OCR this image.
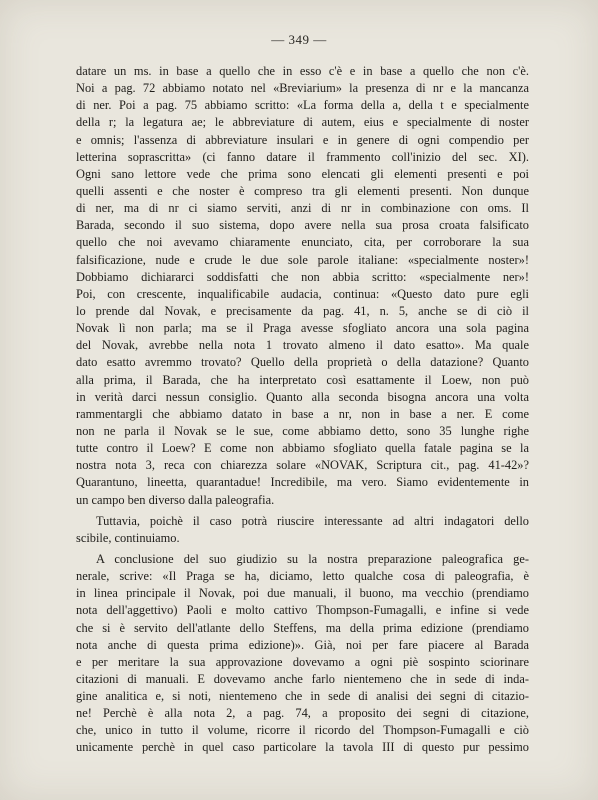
— 349 —
datare un ms. in base a quello che in esso c'è e in base a quello che non c'è.
Noi a pag. 72 abbiamo notato nel «Breviarium» la presenza di nr e la mancanza
di ner. Poi a pag. 75 abbiamo scritto: «La forma della a, della t e specialmente
della r; la legatura ae; le abbreviature di autem, eius e specialmente di noster
e omnis; l'assenza di abbreviature insulari e in genere di ogni compendio per
letterina soprascritta» (ci fanno datare il frammento coll'inizio del sec. XI).
Ogni sano lettore vede che prima sono elencati gli elementi presenti e poi
quelli assenti e che noster è compreso tra gli elementi presenti. Non dunque
di ner, ma di nr ci siamo serviti, anzi di nr in combinazione con oms. Il
Barada, secondo il suo sistema, dopo avere nella sua prosa croata falsificato
quello che noi avevamo chiaramente enunciato, cita, per corroborare la sua
falsificazione, nude e crude le due sole parole italiane: «specialmente noster»!
Dobbiamo dichiararci soddisfatti che non abbia scritto: «specialmente ner»!
Poi, con crescente, inqualificabile audacia, continua: «Questo dato pure egli
lo prende dal Novak, e precisamente da pag. 41, n. 5, anche se di ciò il
Novak lì non parla; ma se il Praga avesse sfogliato ancora una sola pagina
del Novak, avrebbe nella nota 1 trovato almeno il dato esatto». Ma quale
dato esatto avremmo trovato? Quello della proprietà o della datazione? Quanto
alla prima, il Barada, che ha interpretato così esattamente il Loew, non può
in verità darci nessun consiglio. Quanto alla seconda bisogna ancora una volta
rammentargli che abbiamo datato in base a nr, non in base a ner. E come
non ne parla il Novak se le sue, come abbiamo detto, sono 35 lunghe righe
tutte contro il Loew? E come non abbiamo sfogliato quella fatale pagina se la
nostra nota 3, reca con chiarezza solare «NOVAK, Scriptura cit., pag. 41-42»?
Quarantuno, lineetta, quarantadue! Incredibile, ma vero. Siamo evidentemente in
un campo ben diverso dalla paleografia.
Tuttavia, poichè il caso potrà riuscire interessante ad altri indagatori dello
scibile, continuiamo.
A conclusione del suo giudizio su la nostra preparazione paleografica ge-
nerale, scrive: «Il Praga se ha, diciamo, letto qualche cosa di paleografia, è
in linea principale il Novak, poi due manuali, il buono, ma vecchio (prendiamo
nota dell'aggettivo) Paoli e molto cattivo Thompson-Fumagalli, e infine si vede
che si è servito dell'atlante dello Steffens, ma della prima edizione (prendiamo
nota anche di questa prima edizione)». Già, noi per fare piacere al Barada
e per meritare la sua approvazione dovevamo a ogni piè sospinto sciorinare
citazioni di manuali. E dovevamo anche farlo nientemeno che in sede di inda-
gine analitica e, si noti, nientemeno che in sede di analisi dei segni di citazio-
ne! Perchè è alla nota 2, a pag. 74, a proposito dei segni di citazione,
che, unico in tutto il volume, ricorre il ricordo del Thompson-Fumagalli e ciò
unicamente perchè in quel caso particolare la tavola III di questo pur pessimo
